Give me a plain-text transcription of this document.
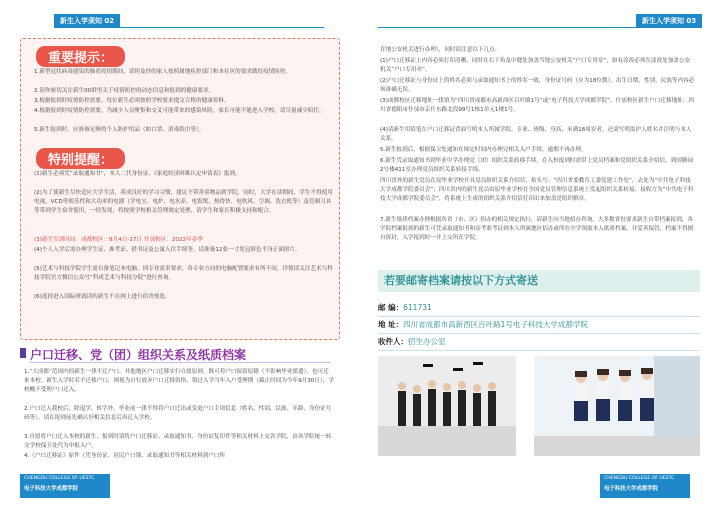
新生入学须知 02
重要提示：
1.新型冠状病毒感染的肺炎疫情期间，请你及你的家人按照属地疾控部门和本社区的要求做好疫情防控。
2.请你密切关注新生00群里关于疫情防控的动态信息和报到的健康要求。
3.根据报到时疫情防控需要，每位新生必须按照学校要求提交合格的健康资料。
4.根据报到时疫情防控需要，为减少人员聚集和交叉可能带来的感染风险，家长可能不能进入学校，请尽量减少陪往。
5.新生报到时，应准备足够的个人防护用品（如口罩、消毒纸巾等）。
特别提醒：
(1)新生必须凭“录取通知书”，本人二代身份证、《家庭经济困难认定申请表》报到。
(2)为了使新生尽快适应大学生活，养成良好的学习习惯，建议不带善童物品到学院，同时，大学在读期间，学生不得使用电视、VCD等娱乐性和大功率的电器（学电宝、电炉、电水壶、电饭煲、热得快、电吹风、空调、洗衣机等）及管制刀具等带到学生宿舍使用，一经发现，将按照学校相关管理规定处理，请学生和家长积极支持和配合。
(3)新生军训时间：成都校区：9月4日-17日 什邡校区：2022年春季
(4)个人入学后需办理学生证、准考证、借书证及公寓入住手续等，请准备12张一寸免冠彩色半身正面照片。
(5)艺术与科技学院学生需自备笔记本电脑，因专业需求要求，各专业方向的电脑配置要求有所不同，详情请关注艺术与科技学院官方微信公众号“科成艺术与科技分院”进行查询。
(6)选择进入国际班就读的新生不在网上进行宿舍预选。
户口迁移、党（团）组织关系及纸质档案
1.“大成都”范围内的新生一律不迁户口。其他地区户口迁移实行自愿原则，既可将户口保留原籍（不影响毕业派遣），也可迁来本校。新生入学时若不迁移户口，则视为自行放弃户口迁移资格，错过入学当年入户受理期（截止时间为今年9月30日），学校概不受理户口迁入。
2.户口迁入我校后，除退学、转学外，毕业前一律不得将户口迁出或变更户口主项信息（姓名、性别、民族、年龄、身份证号码等），请在报到前先确认好相关信息后再迁入学校。
3.自愿将户口迁入本校的新生，报到时请将户口迁移证、录取通知书、身份证复印件等相关材料上交各学院，由各学院统一转交学校保卫处代为申报入户。
4.《户口迁移证》原件（凭身份证、居民户口簿、录取通知书等相关材料到户口所
CHENGDU COLLEGE OF UESTC
电子科技大学成都学院
新生入学须知 03
在地公安机关进行办理），同时请注意以下几点：
(1)户口迁移证上内容必须打印清晰，同时在右下角及中缝处加盖当地公安机关“户口专用章”，如有涂改必须在涂改处加盖公安机关“户口专用章”。
(2)户口迁移证与身份证上的姓名必须与录取通知书上的姓名一致，身份证号码（应为18位数），出生日期、性别、民族等内容必须准确无误。
(3)成都校区迁移地址一律填为“四川省成都市高新西区百叶路1号”或“电子科技大学成都学院”，什邡校区新生户口迁移地址：四川省德阳市什邡市京什东路北段99号1栋1单元1楼1号。
(4)请新生用铅笔在户口迁移证背面写明本人所属学院、专业、班级、身高、未满18周岁者，还需写明监护人姓名并注明与本人关系。
5.新生报到后，根据保卫处通知在规定时间内办理完相关入户手续，逾期不再办理。
6.新生凭录取通知书到毕业中学办理党（团）组织关系转移手续。在入校报到时需带上党员档案和党组织关系介绍信，到国腾园2号楼411室办理党员组织关系转接手续。
四川省外的新生党员在原毕业学校开具党员组织关系介绍信，抬头写：“四川省委教育工委党建工作处”，去处为“中共电子科技大学成都学院委员会”；四川省内的新生党员由原毕业学校在全国党员管理信息系统上发起组织关系转接，接收方为“中共电子科技大学成都学院委员会”，将系统上生成的组织关系介绍信打印出来加盖党组织解章。
7.新生纸质档案办理根据各省（市、区）招办的相关规定执行，请新生向当地招办咨询。大多数省份要求新生自带档案报到，各学院档案报到的新生可凭录取通知书和高考准考证到本人所属地区招办或所在中学领取本人纸质档案，并妥善保管，档案不得擅自拆封，入学报到时一并上交所在学院。
若要邮寄档案请按以下方式寄送
邮 编：611731
地 址：四川省成都市高新西区百叶路1号电子科技大学成都学院
收件人：招生办公室
CHENGDU COLLEGE OF UESTC
电子科技大学成都学院
